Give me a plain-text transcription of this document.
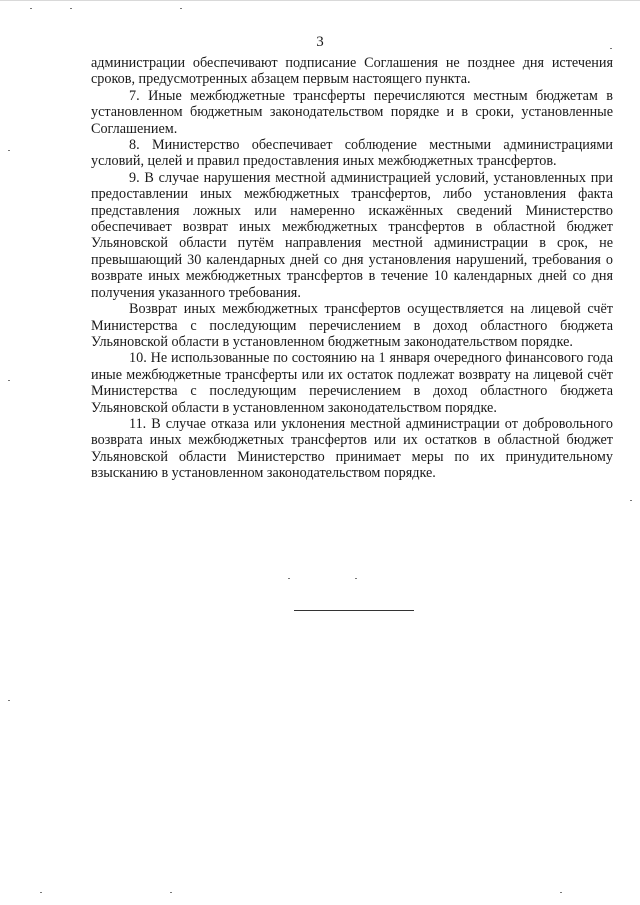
3

администрации обеспечивают подписание Соглашения не позднее дня истечения сроков, предусмотренных абзацем первым настоящего пункта.

7. Иные межбюджетные трансферты перечисляются местным бюджетам в установленном бюджетным законодательством порядке и в сроки, установленные Соглашением.

8. Министерство обеспечивает соблюдение местными администрациями условий, целей и правил предоставления иных межбюджетных трансфертов.

9. В случае нарушения местной администрацией условий, установленных при предоставлении иных межбюджетных трансфертов, либо установления факта представления ложных или намеренно искажённых сведений Министерство обеспечивает возврат иных межбюджетных трансфертов в областной бюджет Ульяновской области путём направления местной администрации в срок, не превышающий 30 календарных дней со дня установления нарушений, требования о возврате иных межбюджетных трансфертов в течение 10 календарных дней со дня получения указанного требования.

Возврат иных межбюджетных трансфертов осуществляется на лицевой счёт Министерства с последующим перечислением в доход областного бюджета Ульяновской области в установленном бюджетным законодательством порядке.

10. Не использованные по состоянию на 1 января очередного финансового года иные межбюджетные трансферты или их остаток подлежат возврату на лицевой счёт Министерства с последующим перечислением в доход областного бюджета Ульяновской области в установленном законодательством порядке.

11. В случае отказа или уклонения местной администрации от добровольного возврата иных межбюджетных трансфертов или их остатков в областной бюджет Ульяновской области Министерство принимает меры по их принудительному взысканию в установленном законодательством порядке.
